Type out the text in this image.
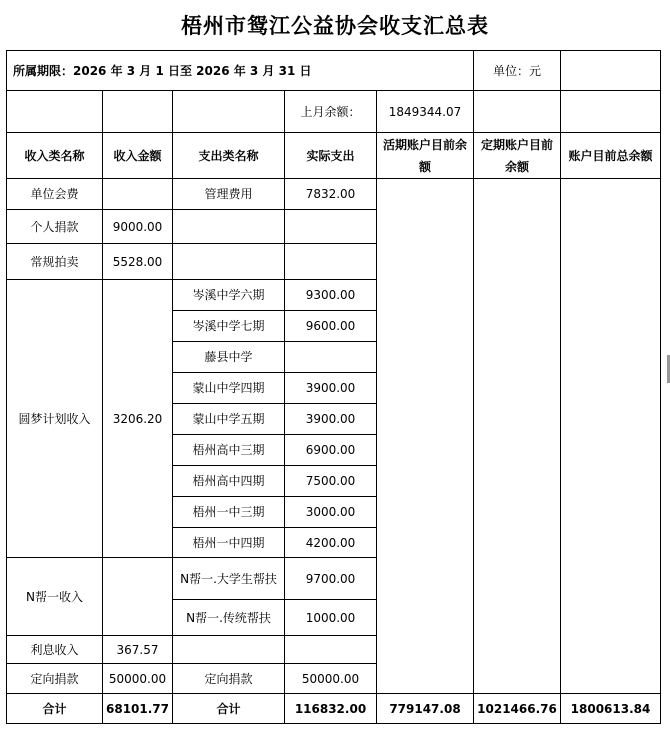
梧州市鸳江公益协会收支汇总表
所属期限：2026 年 3 月 1 日至 2026 年 3 月 31 日					单位：元	
			上月余额：	1849344.07		
收入类名称	收入金额	支出类名称	实际支出	活期账户目前余额	定期账户目前余额	账户目前总余额
单位会费		管理费用	7832.00			
个人捐款	9000.00					
常规拍卖	5528.00					
圆梦计划收入	3206.20	岑溪中学六期	9300.00			
		岑溪中学七期	9600.00			
		藤县中学				
		蒙山中学四期	3900.00			
		蒙山中学五期	3900.00			
		梧州高中三期	6900.00			
		梧州高中四期	7500.00			
		梧州一中三期	3000.00			
		梧州一中四期	4200.00			
N帮一收入		N帮一.大学生帮扶	9700.00			
		N帮一.传统帮扶	1000.00			
利息收入	367.57					
定向捐款	50000.00	定向捐款	50000.00			
合计	68101.77	合计	116832.00	779147.08	1021466.76	1800613.84
